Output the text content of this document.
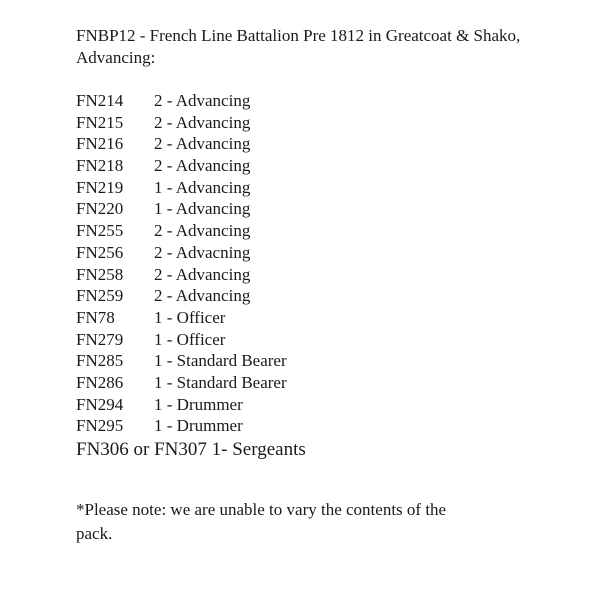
FNBP12 - French Line Battalion Pre 1812 in Greatcoat & Shako, Advancing:
FN214 2 - Advancing
FN215 2 - Advancing
FN216 2 - Advancing
FN218 2 - Advancing
FN219 1 - Advancing
FN220 1 - Advancing
FN255 2 - Advancing
FN256 2 - Advacning
FN258 2 - Advancing
FN259 2 - Advancing
FN78 1 - Officer
FN279 1 - Officer
FN285 1 - Standard Bearer
FN286 1 - Standard Bearer
FN294 1 - Drummer
FN295 1 - Drummer
FN306 or FN307 1- Sergeants
*Please note: we are unable to vary the contents of the pack.
